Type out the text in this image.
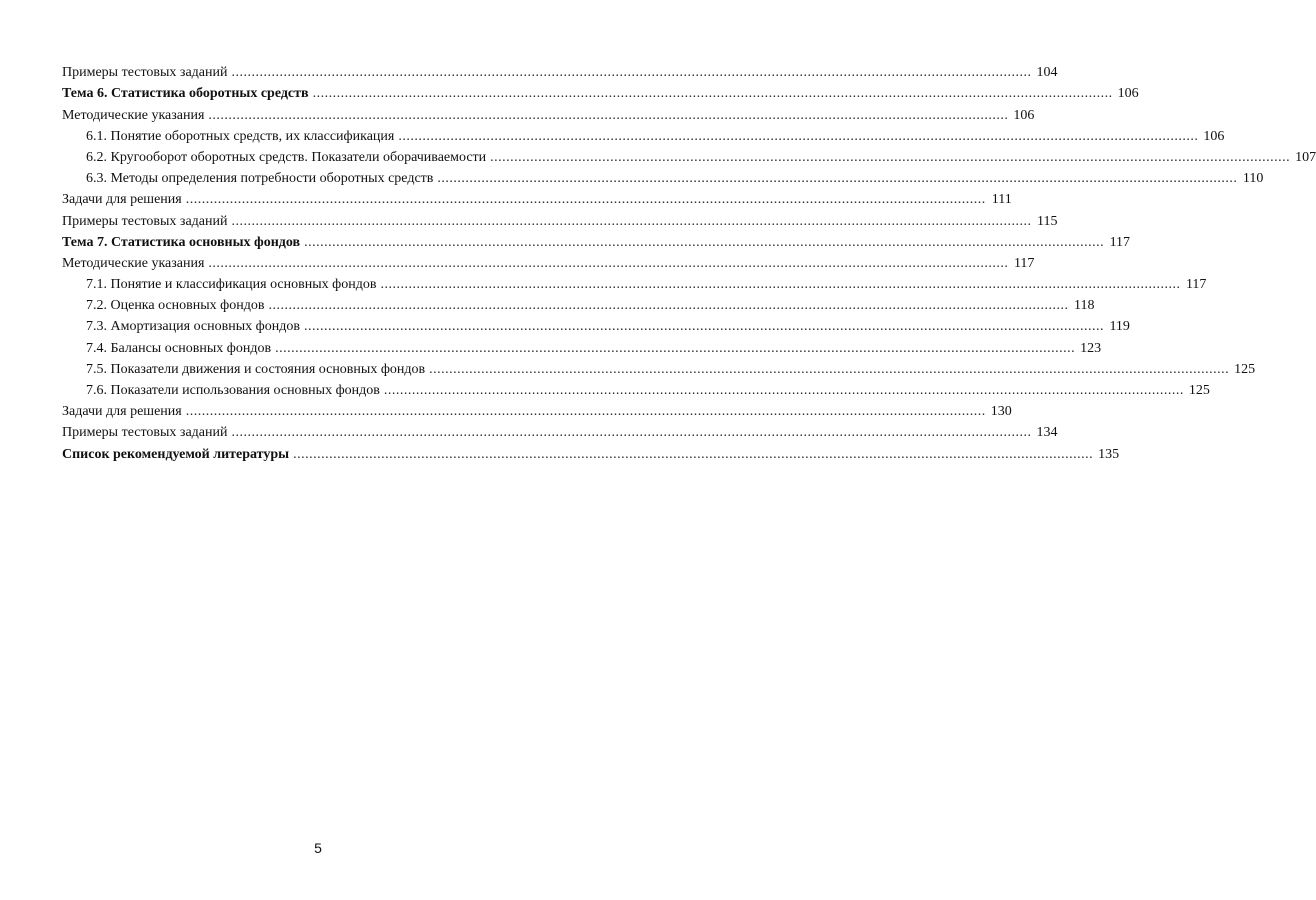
Примеры тестовых заданий ........................................................................................................................................................................................................ 104
Тема 6. Статистика оборотных средств ........................................................................................................................................................................................................ 106
Методические указания ........................................................................................................................................................................................................ 106
6.1. Понятие оборотных средств, их классификация ........................................................................................................................................................................................................ 106
6.2. Кругооборот оборотных средств. Показатели оборачиваемости ........................................................................................................................................................................................................ 107
6.3. Методы определения потребности оборотных средств ........................................................................................................................................................................................................ 110
Задачи для решения ........................................................................................................................................................................................................ 111
Примеры тестовых заданий ........................................................................................................................................................................................................ 115
Тема 7. Статистика основных фондов ........................................................................................................................................................................................................ 117
Методические указания ........................................................................................................................................................................................................ 117
7.1. Понятие и классификация основных фондов ........................................................................................................................................................................................................ 117
7.2. Оценка основных фондов ........................................................................................................................................................................................................ 118
7.3. Амортизация основных фондов ........................................................................................................................................................................................................ 119
7.4. Балансы основных фондов ........................................................................................................................................................................................................ 123
7.5. Показатели движения и состояния основных фондов ........................................................................................................................................................................................................ 125
7.6. Показатели использования основных фондов ........................................................................................................................................................................................................ 125
Задачи для решения ........................................................................................................................................................................................................ 130
Примеры тестовых заданий ........................................................................................................................................................................................................ 134
Список рекомендуемой литературы ........................................................................................................................................................................................................ 135
5
